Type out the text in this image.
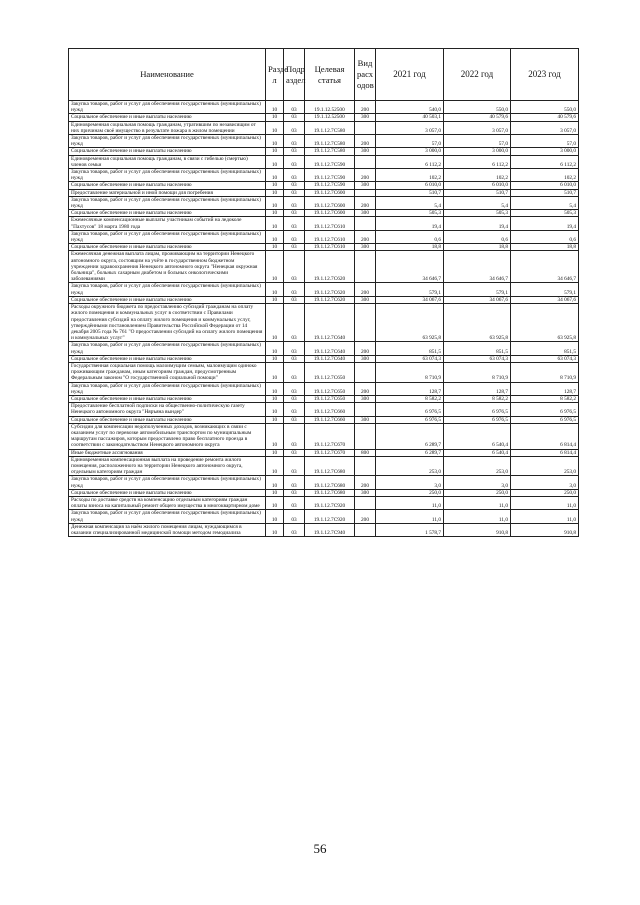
Наименование	Разде л	Подр аздел	Целевая статья	Вид расх одов	2021 год	2022 год	2023 год
Закупка товаров, работ и услуг для обеспечения государственных (муниципальных) нужд	10	03	19.1.12.52500	200	540,0	550,0	550,0
Социальное обеспечение и иные выплаты населению	10	03	19.1.12.52500	300	40 503,1	40 579,6	40 579,6
Единовременная социальная помощь гражданам, утратившим по независящим от них причинам своё имущество в результате пожара в жилом помещении	10	03	19.1.12.7С580		3 057,0	3 057,0	3 057,0
Закупка товаров, работ и услуг для обеспечения государственных (муниципальных) нужд	10	03	19.1.12.7С580	200	57,0	57,0	57,0
Социальное обеспечение и иные выплаты населению	10	03	19.1.12.7С580	300	3 000,0	3 000,0	3 000,0
Единовременная социальная помощь гражданам, в связи с гибелью (смертью) членов семьи	10	03	19.1.12.7С590		6 112,2	6 112,2	6 112,2
Закупка товаров, работ и услуг для обеспечения государственных (муниципальных) нужд	10	03	19.1.12.7С590	200	102,2	102,2	102,2
Социальное обеспечение и иные выплаты населению	10	03	19.1.12.7С590	300	6 010,0	6 010,0	6 010,0
Предоставление материальной и иной помощи для погребения	10	03	19.1.12.7С600		510,7	510,7	510,7
Закупка товаров, работ и услуг для обеспечения государственных (муниципальных) нужд	10	03	19.1.12.7С600	200	5,4	5,4	5,4
Социальное обеспечение и иные выплаты населению	10	03	19.1.12.7С600	300	505,3	505,3	505,3
Ежемесячные компенсационные выплаты участникам событий на ледоколе "Пахтусов" 18 марта 1980 года	10	03	19.1.12.7С610		19,4	19,4	19,4
Закупка товаров, работ и услуг для обеспечения государственных (муниципальных) нужд	10	03	19.1.12.7С610	200	0,6	0,6	0,6
Социальное обеспечение и иные выплаты населению	10	03	19.1.12.7С610	300	18,8	18,8	18,8
Ежемесячная денежная выплата лицам, проживающим на территории Ненецкого автономного округа, состоящим на учёте в государственном бюджетном учреждении здравоохранения Ненецкого автономного округа "Ненецкая окружная больница", больных сахарным диабетом и больных онкологическими заболеваниями	10	03	19.1.12.7С620		34 646,7	34 646,7	34 646,7
Закупка товаров, работ и услуг для обеспечения государственных (муниципальных) нужд	10	03	19.1.12.7С620	200	579,1	579,1	579,1
Социальное обеспечение и иные выплаты населению	10	03	19.1.12.7С620	300	34 067,6	34 067,6	34 067,6
Расходы окружного бюджета по предоставлению субсидий гражданам на оплату жилого помещения и коммунальных услуг в соответствии с Правилами предоставления субсидий на оплату жилого помещения и коммунальных услуг, утверждёнными постановлением Правительства Российской Федерации от 14 декабря 2005 года № 761 "О предоставлении субсидий на оплату жилого помещения и коммунальных услуг"	10	03	19.1.12.7С640		63 925,8	63 925,8	63 925,8
Закупка товаров, работ и услуг для обеспечения государственных (муниципальных) нужд	10	03	19.1.12.7С640	200	851,5	851,5	851,5
Социальное обеспечение и иные выплаты населению	10	03	19.1.12.7С640	300	63 074,3	63 074,3	63 074,3
Государственная социальная помощь малоимущим семьям, малоимущим одиноко проживающим гражданам, иным категориям граждан, предусмотренным Федеральным законом "О государственной социальной помощи"	10	03	19.1.12.7С650		8 710,9	8 710,9	8 710,9
Закупка товаров, работ и услуг для обеспечения государственных (муниципальных) нужд	10	03	19.1.12.7С650	200	128,7	128,7	128,7
Социальное обеспечение и иные выплаты населению	10	03	19.1.12.7С650	300	8 582,2	8 582,2	8 582,2
Предоставление бесплатной подписки на общественно-политическую газету Ненецкого автономного округа "Няръяна вындер"	10	03	19.1.12.7С660		6 976,5	6 976,5	6 976,5
Социальное обеспечение и иные выплаты населению	10	03	19.1.12.7С660	300	6 976,5	6 976,5	6 976,5
Субсидии для компенсации недополученных доходов, возникающих в связи с оказанием услуг по перевозке автомобильным транспортом по муниципальным маршрутам пассажиров, которым предоставлено право бесплатного проезда в соответствии с законодательством Ненецкого автономного округа	10	03	19.1.12.7С670		6 289,7	6 540,4	6 814,4
Иные бюджетные ассигнования	10	03	19.1.12.7С670	800	6 289,7	6 540,4	6 814,4
Единовременная компенсационная выплата на проведение ремонта жилого помещения, расположенного на территории Ненецкого автономного округа, отдельным категориям граждан	10	03	19.1.12.7С680		253,0	253,0	253,0
Закупка товаров, работ и услуг для обеспечения государственных (муниципальных) нужд	10	03	19.1.12.7С680	200	3,0	3,0	3,0
Социальное обеспечение и иные выплаты населению	10	03	19.1.12.7С680	300	250,0	250,0	250,0
Расходы по доставке средств на компенсацию отдельным категориям граждан оплаты взноса на капитальный ремонт общего имущества в многоквартирном доме	10	03	19.1.12.7С920		11,0	11,0	11,0
Закупка товаров, работ и услуг для обеспечения государственных (муниципальных) нужд	10	03	19.1.12.7С920	200	11,0	11,0	11,0
Денежная компенсация за наём жилого помещения лицам, нуждающимся в оказании специализированной медицинской помощи методом гемодиализа	10	03	19.1.12.7С940		1 578,7	910,8	910,8
56
